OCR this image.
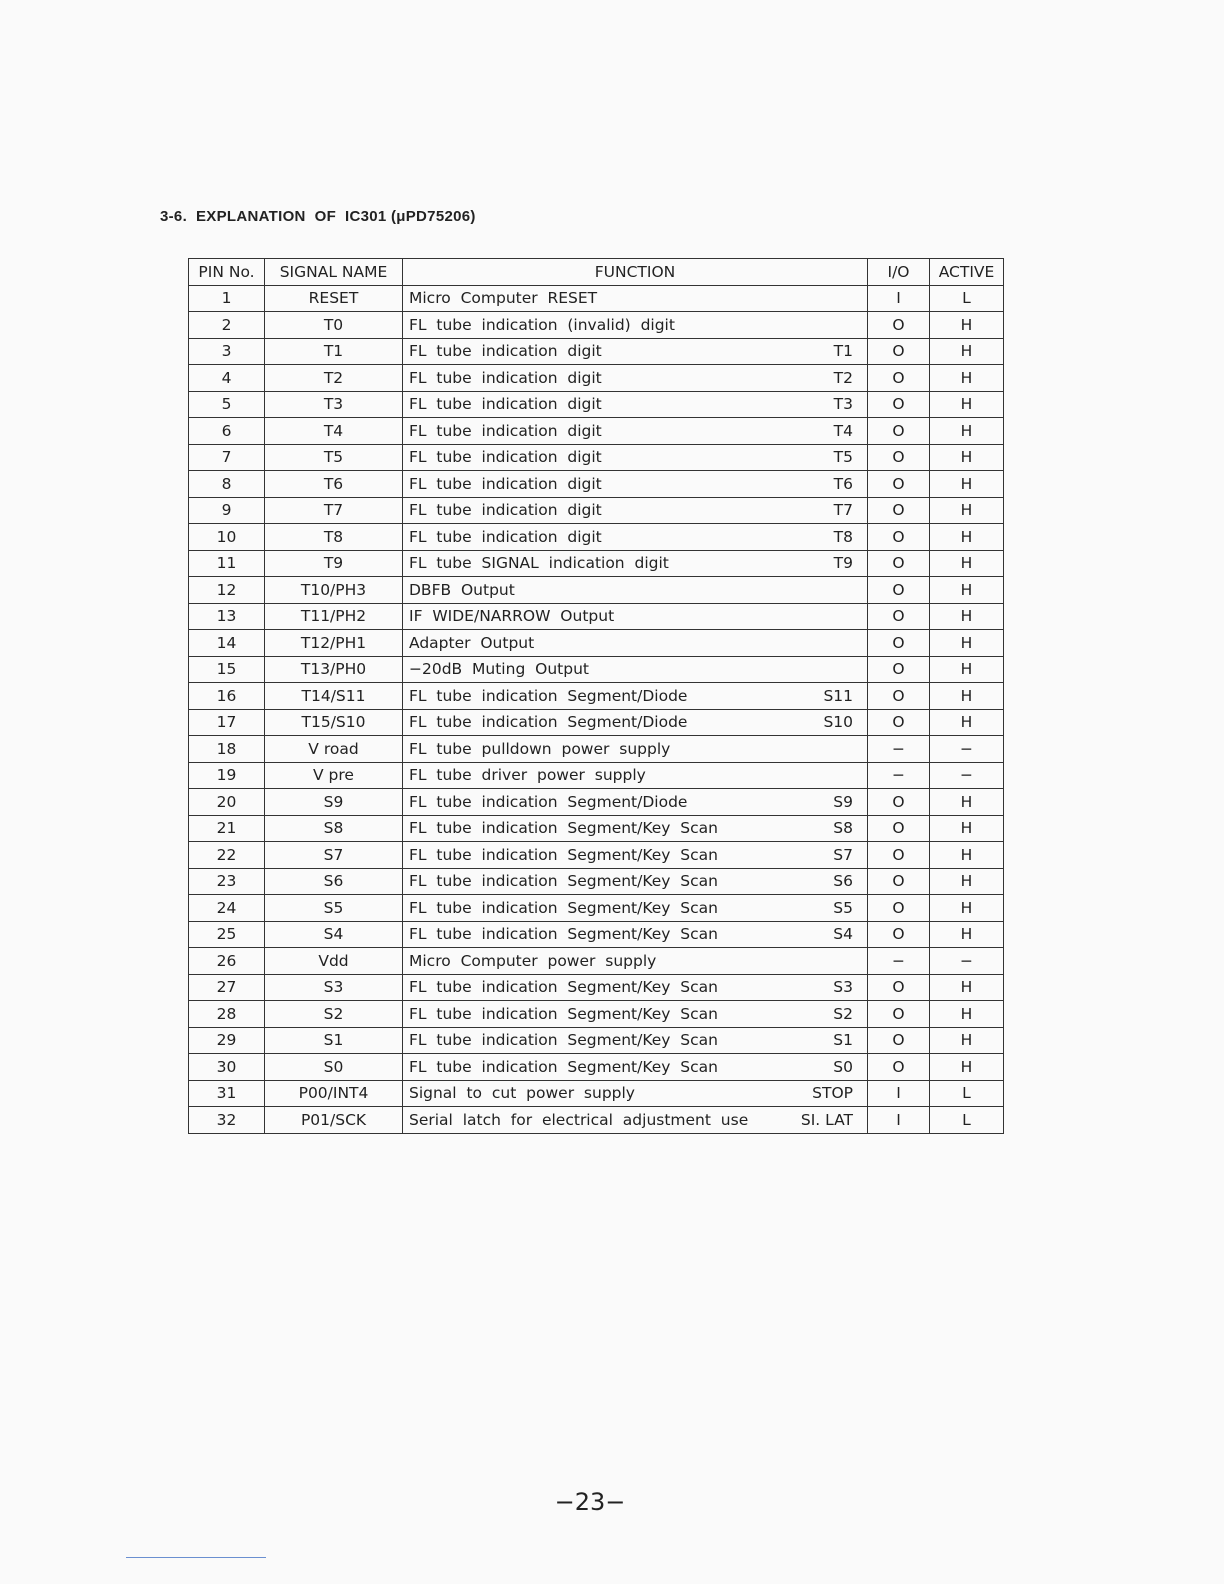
3-6.  EXPLANATION  OF  IC301 (μPD75206)
PIN No.	SIGNAL NAME	FUNCTION	I/O	ACTIVE
1	RESET	Micro  Computer  RESET	I	L
2	T0	FL  tube  indication  (invalid)  digit	O	H
3	T1	FL  tube  indication  digit T1	O	H
4	T2	FL  tube  indication  digit T2	O	H
5	T3	FL  tube  indication  digit T3	O	H
6	T4	FL  tube  indication  digit T4	O	H
7	T5	FL  tube  indication  digit T5	O	H
8	T6	FL  tube  indication  digit T6	O	H
9	T7	FL  tube  indication  digit T7	O	H
10	T8	FL  tube  indication  digit T8	O	H
11	T9	FL  tube  SIGNAL  indication  digit T9	O	H
12	T10/PH3	DBFB  Output	O	H
13	T11/PH2	IF  WIDE/NARROW  Output	O	H
14	T12/PH1	Adapter  Output	O	H
15	T13/PH0	−20dB  Muting  Output	O	H
16	T14/S11	FL  tube  indication  Segment/Diode S11	O	H
17	T15/S10	FL  tube  indication  Segment/Diode S10	O	H
18	V road	FL  tube  pulldown  power  supply	−	−
19	V pre	FL  tube  driver  power  supply	−	−
20	S9	FL  tube  indication  Segment/Diode S9	O	H
21	S8	FL  tube  indication  Segment/Key  Scan S8	O	H
22	S7	FL  tube  indication  Segment/Key  Scan S7	O	H
23	S6	FL  tube  indication  Segment/Key  Scan S6	O	H
24	S5	FL  tube  indication  Segment/Key  Scan S5	O	H
25	S4	FL  tube  indication  Segment/Key  Scan S4	O	H
26	Vdd	Micro  Computer  power  supply	−	−
27	S3	FL  tube  indication  Segment/Key  Scan S3	O	H
28	S2	FL  tube  indication  Segment/Key  Scan S2	O	H
29	S1	FL  tube  indication  Segment/Key  Scan S1	O	H
30	S0	FL  tube  indication  Segment/Key  Scan S0	O	H
31	P00/INT4	Signal  to  cut  power  supply STOP	I	L
32	P01/SCK	Serial  latch  for  electrical  adjustment  use SI. LAT	I	L
−23−
